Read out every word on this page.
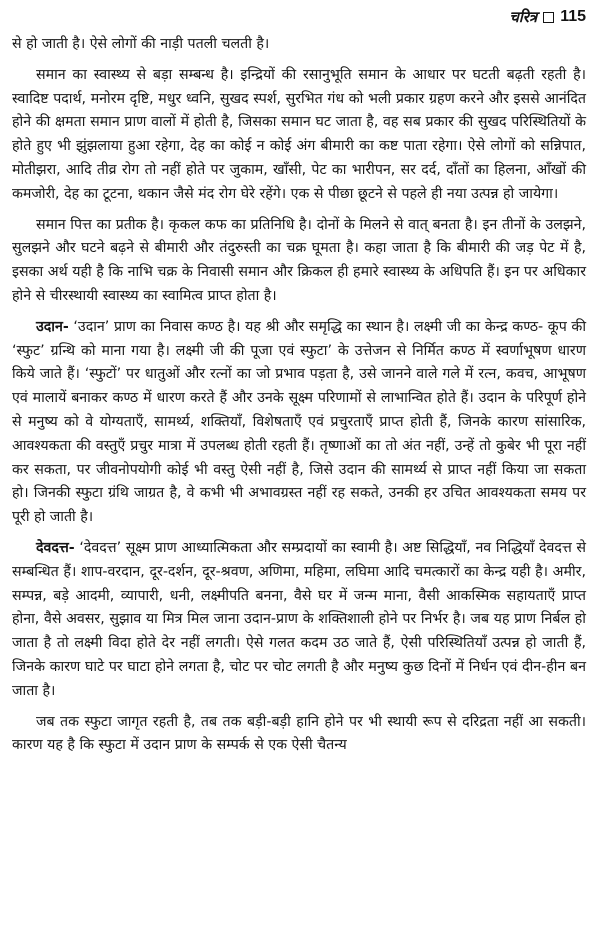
चरित्र 115

से हो जाती है। ऐसे लोगों की नाड़ी पतली चलती है।

समान का स्वास्थ्य से बड़ा सम्बन्ध है। इन्द्रियों की रसानुभूति समान के आधार पर घटती बढ़ती रहती है। स्वादिष्ट पदार्थ, मनोरम दृष्टि, मधुर ध्वनि, सुखद स्पर्श, सुरभित गंध को भली प्रकार ग्रहण करने और इससे आनंदित होने की क्षमता समान प्राण वालों में होती है, जिसका समान घट जाता है, वह सब प्रकार की सुखद परिस्थितियों के होते हुए भी झुंझलाया हुआ रहेगा, देह का कोई न कोई अंग बीमारी का कष्ट पाता रहेगा। ऐसे लोगों को सन्निपात, मोतीझरा, आदि तीव्र रोग तो नहीं होते पर जुकाम, खाँसी, पेट का भारीपन, सर दर्द, दाँतों का हिलना, आँखों की कमजोरी, देह का टूटना, थकान जैसे मंद रोग घेरे रहेंगे। एक से पीछा छूटने से पहले ही नया उत्पन्न हो जायेगा।

समान पित्त का प्रतीक है। कृकल कफ का प्रतिनिधि है। दोनों के मिलने से वात् बनता है। इन तीनों के उलझने, सुलझने और घटने बढ़ने से बीमारी और तंदुरुस्ती का चक्र घूमता है। कहा जाता है कि बीमारी की जड़ पेट में है, इसका अर्थ यही है कि नाभि चक्र के निवासी समान और क्रिकल ही हमारे स्वास्थ्य के अधिपति हैं। इन पर अधिकार होने से चीरस्थायी स्वास्थ्य का स्वामित्व प्राप्त होता है।

उदान- ‘उदान’ प्राण का निवास कण्ठ है। यह श्री और समृद्धि का स्थान है। लक्ष्मी जी का केन्द्र कण्ठ- कूप की ‘स्फुट’ ग्रन्थि को माना गया है। लक्ष्मी जी की पूजा एवं स्फुटा’ के उत्तेजन से निर्मित कण्ठ में स्वर्णाभूषण धारण किये जाते हैं। ‘स्फुटों’ पर धातुओं और रत्नों का जो प्रभाव पड़ता है, उसे जानने वाले गले में रत्न, कवच, आभूषण एवं मालायें बनाकर कण्ठ में धारण करते हैं और उनके सूक्ष्म परिणामों से लाभान्वित होते हैं। उदान के परिपूर्ण होने से मनुष्य को वे योग्यताएँ, सामर्थ्य, शक्तियाँ, विशेषताएँ एवं प्रचुरताएँ प्राप्त होती हैं, जिनके कारण सांसारिक, आवश्यकता की वस्तुएँ प्रचुर मात्रा में उपलब्ध होती रहती हैं। तृष्णाओं का तो अंत नहीं, उन्हें तो कुबेर भी पूरा नहीं कर सकता, पर जीवनोपयोगी कोई भी वस्तु ऐसी नहीं है, जिसे उदान की सामर्थ्य से प्राप्त नहीं किया जा सकता हो। जिनकी स्फुटा ग्रंथि जाग्रत है, वे कभी भी अभावग्रस्त नहीं रह सकते, उनकी हर उचित आवश्यकता समय पर पूरी हो जाती है।

देवदत्त- ‘देवदत्त’ सूक्ष्म प्राण आध्यात्मिकता और सम्प्रदायों का स्वामी है। अष्ट सिद्धियाँ, नव निद्धियाँ देवदत्त से सम्बन्धित हैं। शाप-वरदान, दूर-दर्शन, दूर-श्रवण, अणिमा, महिमा, लघिमा आदि चमत्कारों का केन्द्र यही है। अमीर, सम्पन्न, बड़े आदमी, व्यापारी, धनी, लक्ष्मीपति बनना, वैसे घर में जन्म माना, वैसी आकस्मिक सहायताएँ प्राप्त होना, वैसे अवसर, सुझाव या मित्र मिल जाना उदान-प्राण के शक्तिशाली होने पर निर्भर है। जब यह प्राण निर्बल हो जाता है तो लक्ष्मी विदा होते देर नहीं लगती। ऐसे गलत कदम उठ जाते हैं, ऐसी परिस्थितियाँ उत्पन्न हो जाती हैं, जिनके कारण घाटे पर घाटा होने लगता है, चोट पर चोट लगती है और मनुष्य कुछ दिनों में निर्धन एवं दीन-हीन बन जाता है।

जब तक स्फुटा जागृत रहती है, तब तक बड़ी-बड़ी हानि होने पर भी स्थायी रूप से दरिद्रता नहीं आ सकती। कारण यह है कि स्फुटा में उदान प्राण के सम्पर्क से एक ऐसी चैतन्य
